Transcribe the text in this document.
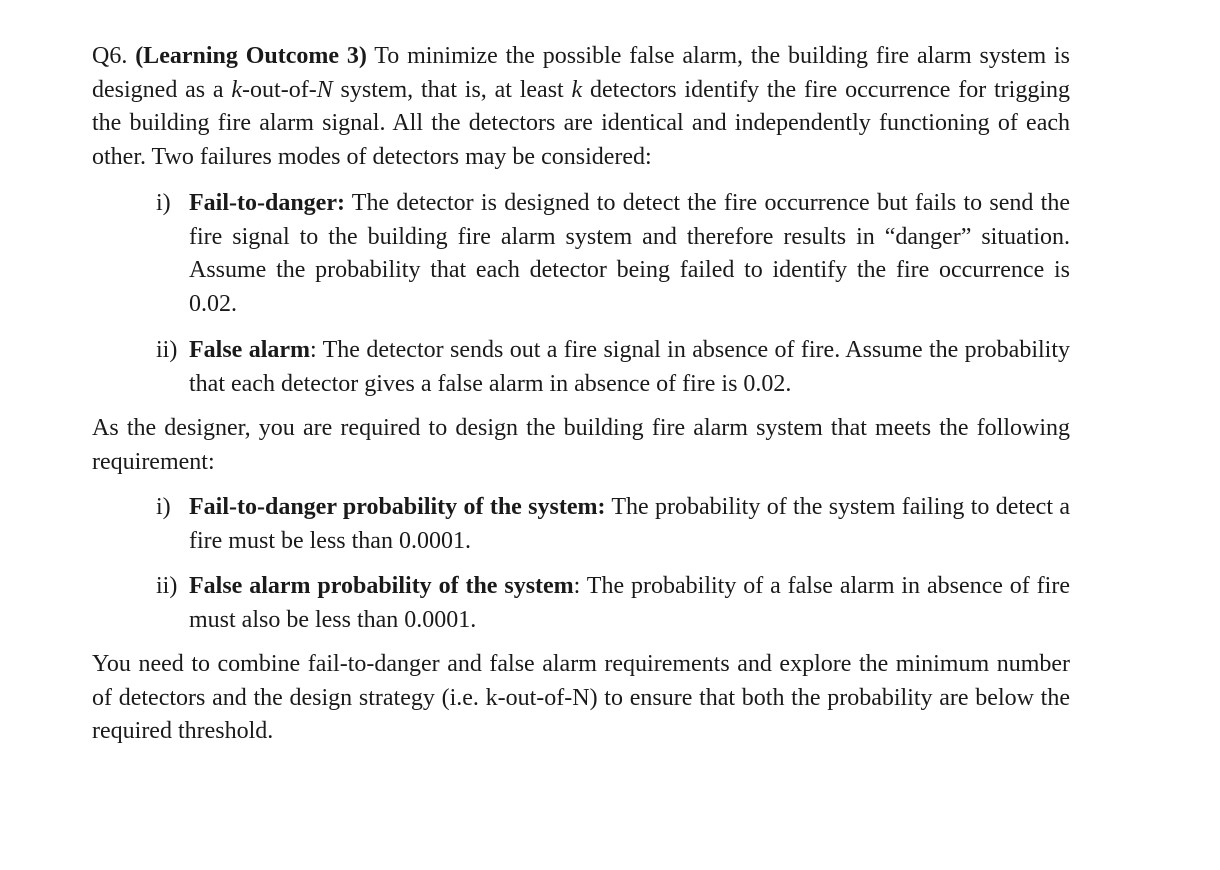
Q6. (Learning Outcome 3) To minimize the possible false alarm, the building fire alarm system is designed as a k-out-of-N system, that is, at least k detectors identify the fire occurrence for trigging the building fire alarm signal. All the detectors are identical and independently functioning of each other. Two failures modes of detectors may be considered:

i) Fail-to-danger: The detector is designed to detect the fire occurrence but fails to send the fire signal to the building fire alarm system and therefore results in “danger” situation. Assume the probability that each detector being failed to identify the fire occurrence is 0.02.
ii) False alarm: The detector sends out a fire signal in absence of fire. Assume the probability that each detector gives a false alarm in absence of fire is 0.02.

As the designer, you are required to design the building fire alarm system that meets the following requirement:

i) Fail-to-danger probability of the system: The probability of the system failing to detect a fire must be less than 0.0001.
ii) False alarm probability of the system: The probability of a false alarm in absence of fire must also be less than 0.0001.

You need to combine fail-to-danger and false alarm requirements and explore the minimum number of detectors and the design strategy (i.e. k-out-of-N) to ensure that both the probability are below the required threshold.
